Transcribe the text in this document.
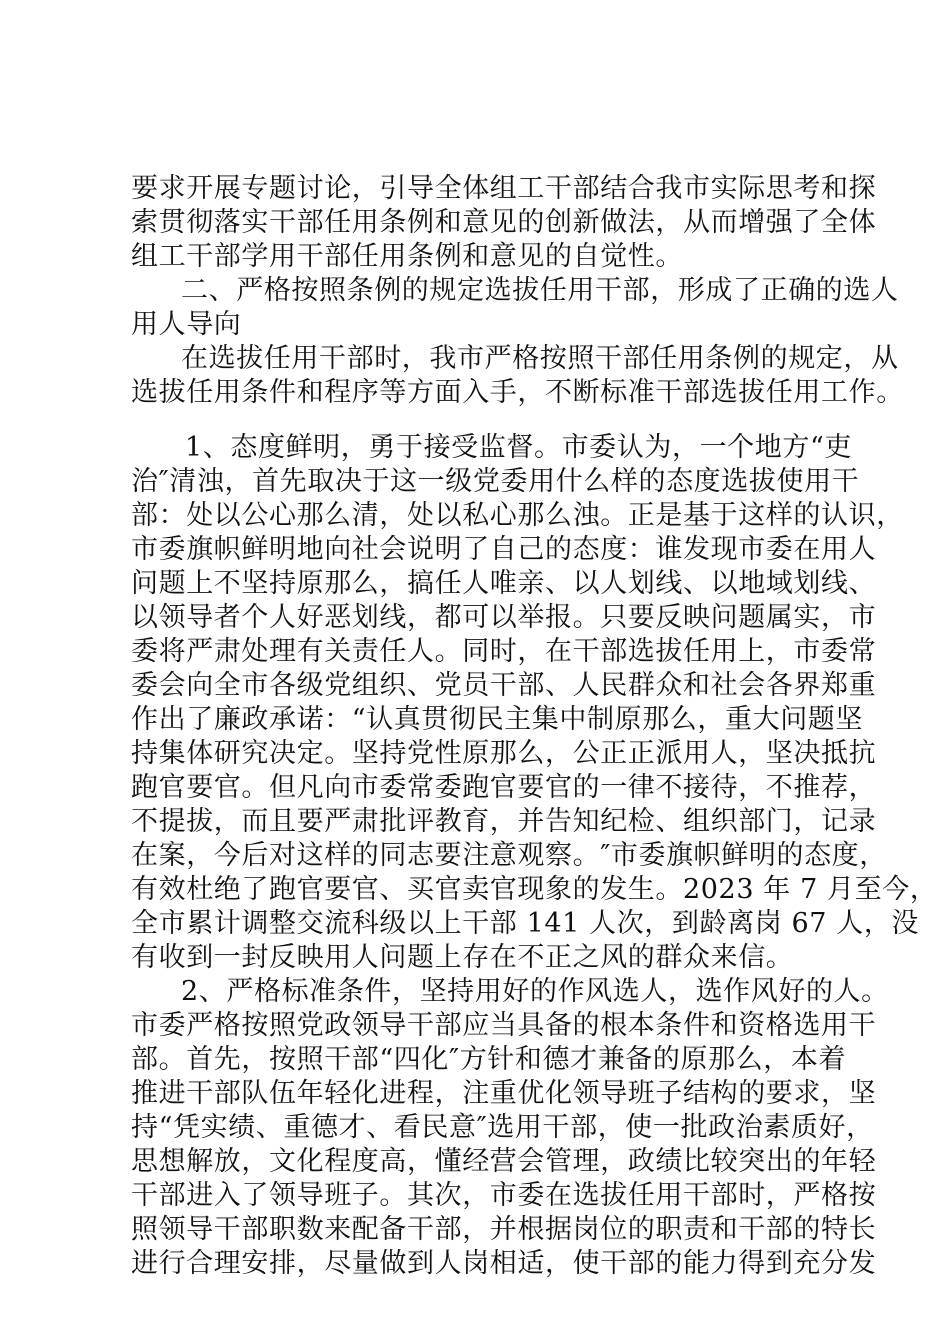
要求开展专题讨论，引导全体组工干部结合我市实际思考和探
索贯彻落实干部任用条例和意见的创新做法，从而增强了全体
组工干部学用干部任用条例和意见的自觉性。
二、严格按照条例的规定选拔任用干部，形成了正确的选人
用人导向
在选拔任用干部时，我市严格按照干部任用条例的规定，从
选拔任用条件和程序等方面入手，不断标准干部选拔任用工作。
1、态度鲜明，勇于接受监督。市委认为，一个地方“吏
治″清浊，首先取决于这一级党委用什么样的态度选拔使用干
部：处以公心那么清，处以私心那么浊。正是基于这样的认识，
市委旗帜鲜明地向社会说明了自己的态度：谁发现市委在用人
问题上不坚持原那么，搞任人唯亲、以人划线、以地域划线、
以领导者个人好恶划线，都可以举报。只要反映问题属实，市
委将严肃处理有关责任人。同时，在干部选拔任用上，市委常
委会向全市各级党组织、党员干部、人民群众和社会各界郑重
作出了廉政承诺：“认真贯彻民主集中制原那么，重大问题坚
持集体研究决定。坚持党性原那么，公正正派用人，坚决抵抗
跑官要官。但凡向市委常委跑官要官的一律不接待，不推荐，
不提拔，而且要严肃批评教育，并告知纪检、组织部门，记录
在案，今后对这样的同志要注意观察。″市委旗帜鲜明的态度，
有效杜绝了跑官要官、买官卖官现象的发生。2023 年 7 月至今，
全市累计调整交流科级以上干部 141 人次，到龄离岗 67 人，没
有收到一封反映用人问题上存在不正之风的群众来信。
2、严格标准条件，坚持用好的作风选人，选作风好的人。
市委严格按照党政领导干部应当具备的根本条件和资格选用干
部。首先，按照干部“四化″方针和德才兼备的原那么，本着
推进干部队伍年轻化进程，注重优化领导班子结构的要求，坚
持“凭实绩、重德才、看民意″选用干部，使一批政治素质好，
思想解放，文化程度高，懂经营会管理，政绩比较突出的年轻
干部进入了领导班子。其次，市委在选拔任用干部时，严格按
照领导干部职数来配备干部，并根据岗位的职责和干部的特长
进行合理安排，尽量做到人岗相适，使干部的能力得到充分发
